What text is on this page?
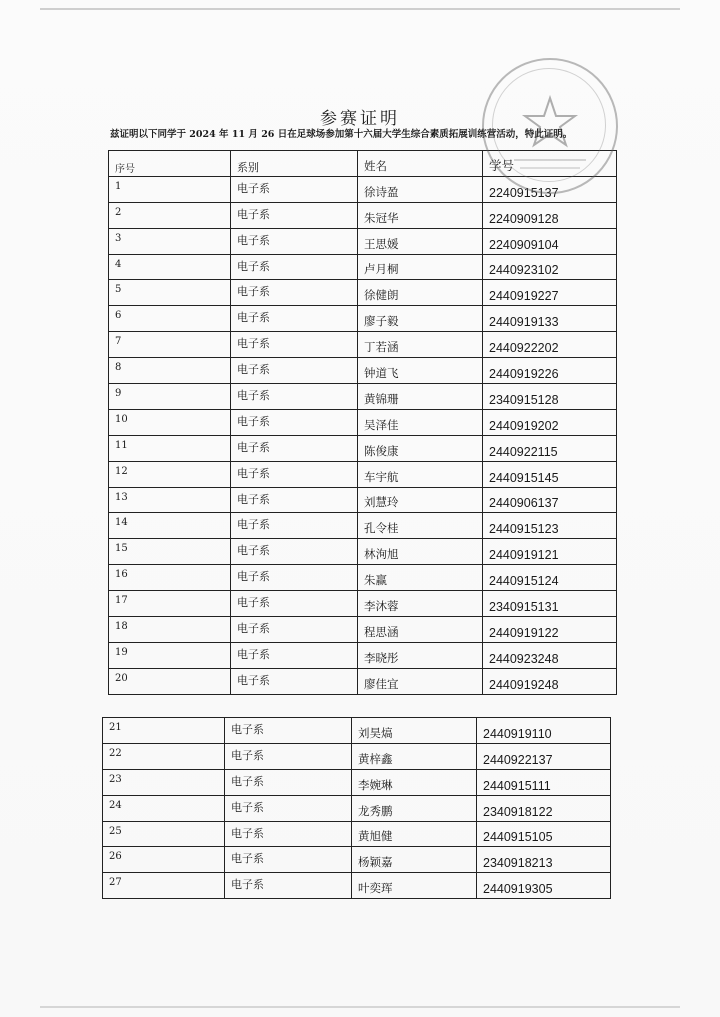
参赛证明
兹证明以下同学于 2024 年 11 月 26 日在足球场参加第十六届大学生综合素质拓展训练营活动，特此证明。
序号	系别	姓名	学号
1	电子系	徐诗盈	2240915137
2	电子系	朱冠华	2240909128
3	电子系	王思媛	2240909104
4	电子系	卢月桐	2440923102
5	电子系	徐健朗	2440919227
6	电子系	廖子毅	2440919133
7	电子系	丁若涵	2440922202
8	电子系	钟道飞	2440919226
9	电子系	黄锦珊	2340915128
10	电子系	吴泽佳	2440919202
11	电子系	陈俊康	2440922115
12	电子系	车宇航	2440915145
13	电子系	刘慧玲	2440906137
14	电子系	孔令桂	2440915123
15	电子系	林洵旭	2440919121
16	电子系	朱赢	2440915124
17	电子系	李沐蓉	2340915131
18	电子系	程思涵	2440919122
19	电子系	李晓彤	2440923248
20	电子系	廖佳宜	2440919248
21	电子系	刘昊熇	2440919110
22	电子系	黄梓鑫	2440922137
23	电子系	李婉琳	2440915111
24	电子系	龙秀鹏	2340918122
25	电子系	黄旭健	2440915105
26	电子系	杨颖嘉	2340918213
27	电子系	叶奕珲	2440919305
